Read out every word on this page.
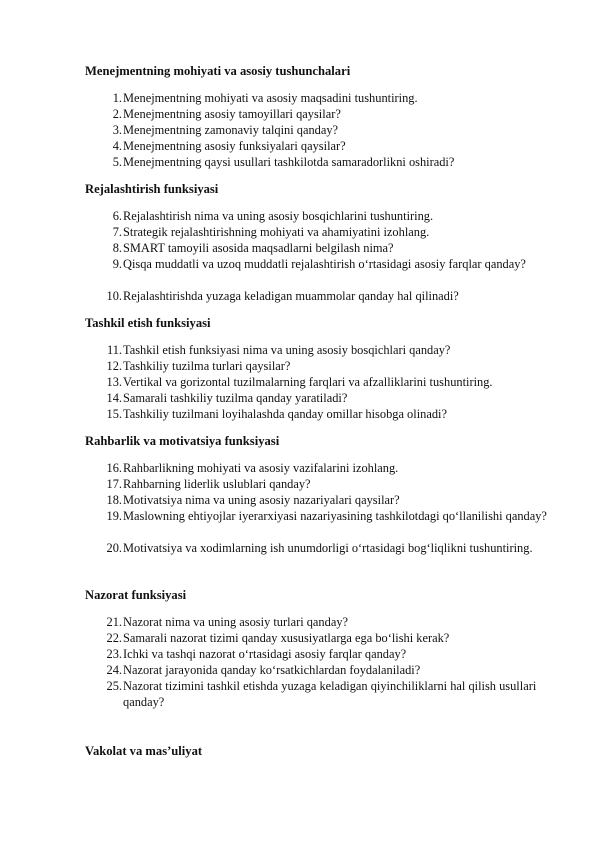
Menejmentning mohiyati va asosiy tushunchalari
1. Menejmentning mohiyati va asosiy maqsadini tushuntiring.
2. Menejmentning asosiy tamoyillari qaysilar?
3. Menejmentning zamonaviy talqini qanday?
4. Menejmentning asosiy funksiyalari qaysilar?
5. Menejmentning qaysi usullari tashkilotda samaradorlikni oshiradi?
Rejalashtirish funksiyasi
6. Rejalashtirish nima va uning asosiy bosqichlarini tushuntiring.
7. Strategik rejalashtirishning mohiyati va ahamiyatini izohlang.
8. SMART tamoyili asosida maqsadlarni belgilash nima?
9. Qisqa muddatli va uzoq muddatli rejalashtirish o‘rtasidagi asosiy farqlar qanday?
10. Rejalashtirishda yuzaga keladigan muammolar qanday hal qilinadi?
Tashkil etish funksiyasi
11. Tashkil etish funksiyasi nima va uning asosiy bosqichlari qanday?
12. Tashkiliy tuzilma turlari qaysilar?
13. Vertikal va gorizontal tuzilmalarning farqlari va afzalliklarini tushuntiring.
14. Samarali tashkiliy tuzilma qanday yaratiladi?
15. Tashkiliy tuzilmani loyihalashda qanday omillar hisobga olinadi?
Rahbarlik va motivatsiya funksiyasi
16. Rahbarlikning mohiyati va asosiy vazifalarini izohlang.
17. Rahbarning liderlik uslublari qanday?
18. Motivatsiya nima va uning asosiy nazariyalari qaysilar?
19. Maslowning ehtiyojlar iyerarxiyasi nazariyasining tashkilotdagi qo‘llanilishi qanday?
20. Motivatsiya va xodimlarning ish unumdorligi o‘rtasidagi bog‘liqlikni tushuntiring.
Nazorat funksiyasi
21. Nazorat nima va uning asosiy turlari qanday?
22. Samarali nazorat tizimi qanday xususiyatlarga ega bo‘lishi kerak?
23. Ichki va tashqi nazorat o‘rtasidagi asosiy farqlar qanday?
24. Nazorat jarayonida qanday ko‘rsatkichlardan foydalaniladi?
25. Nazorat tizimini tashkil etishda yuzaga keladigan qiyinchiliklarni hal qilish usullari qanday?
Vakolat va mas’uliyat
